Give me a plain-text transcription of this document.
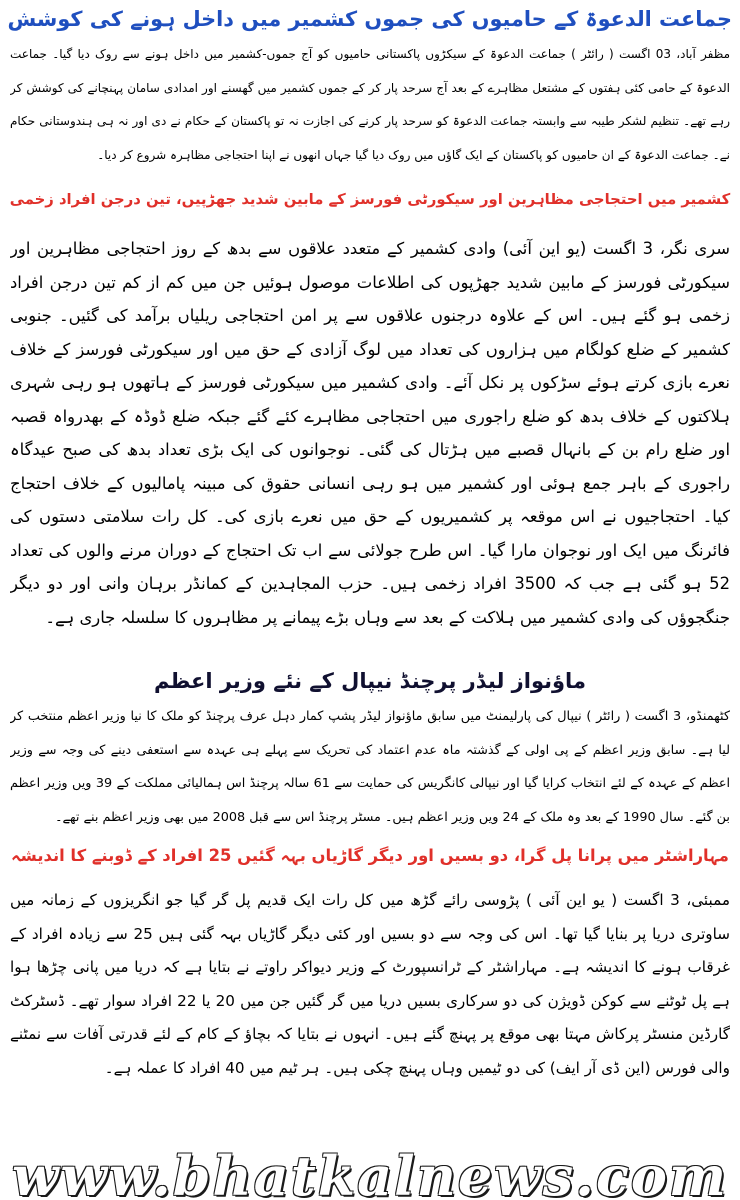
جماعت الدعوۃ کے حامیوں کی جموں کشمیر میں داخل ہونے کی کوشش
مظفر آباد، 03 اگست ( رائٹر ) جماعت الدعوۃ کے سیکڑوں پاکستانی حامیوں کو آج جموں-کشمیر میں داخل ہونے سے روک دیا گیا۔ جماعت الدعوۃ کے حامی کئی ہفتوں کے مشتعل مظاہرے کے بعد آج سرحد پار کر کے جموں کشمیر میں گھسنے اور امدادی سامان پہنچانے کی کوشش کر رہے تھے۔ تنظیم لشکر طیبہ سے وابستہ جماعت الدعوۃ کو سرحد پار کرنے کی اجازت نہ تو پاکستان کے حکام نے دی اور نہ ہی ہندوستانی حکام نے۔ جماعت الدعوۃ کے ان حامیوں کو پاکستان کے ایک گاؤں میں روک دیا گیا جہاں انھوں نے اپنا احتجاجی مظاہرہ شروع کر دیا۔
کشمیر میں احتجاجی مظاہرین اور سیکورٹی فورسز کے مابین شدید جھڑپیں، تین درجن افراد زخمی
سری نگر، 3 اگست (یو این آئی) وادی کشمیر کے متعدد علاقوں سے بدھ کے روز احتجاجی مظاہرین اور سیکورٹی فورسز کے مابین شدید جھڑپوں کی اطلاعات موصول ہوئیں جن میں کم از کم تین درجن افراد زخمی ہو گئے ہیں۔ اس کے علاوہ درجنوں علاقوں سے پر امن احتجاجی ریلیاں برآمد کی گئیں۔ جنوبی کشمیر کے ضلع کولگام میں ہزاروں کی تعداد میں لوگ آزادی کے حق میں اور سیکورٹی فورسز کے خلاف نعرے بازی کرتے ہوئے سڑکوں پر نکل آئے۔ وادی کشمیر میں سیکورٹی فورسز کے ہاتھوں ہو رہی شہری ہلاکتوں کے خلاف بدھ کو ضلع راجوری میں احتجاجی مظاہرے کئے گئے جبکہ ضلع ڈوڈہ کے بھدرواہ قصبہ اور ضلع رام بن کے بانہال قصبے میں ہڑتال کی گئی۔ نوجوانوں کی ایک بڑی تعداد بدھ کی صبح عیدگاہ راجوری کے باہر جمع ہوئی اور کشمیر میں ہو رہی انسانی حقوق کی مبینہ پامالیوں کے خلاف احتجاج کیا۔ احتجاجیوں نے اس موقعہ پر کشمیریوں کے حق میں نعرے بازی کی۔ کل رات سلامتی دستوں کی فائرنگ میں ایک اور نوجوان مارا گیا۔ اس طرح جولائی سے اب تک احتجاج کے دوران مرنے والوں کی تعداد 52 ہو گئی ہے جب کہ 3500 افراد زخمی ہیں۔ حزب المجاہدین کے کمانڈر برہان وانی اور دو دیگر جنگجوؤں کی وادی کشمیر میں ہلاکت کے بعد سے وہاں بڑے پیمانے پر مظاہروں کا سلسلہ جاری ہے۔
ماؤنواز لیڈر پرچنڈ نیپال کے نئے وزیر اعظم
کٹھمنڈو، 3 اگست ( رائٹر ) نیپال کی پارلیمنٹ میں سابق ماؤنواز لیڈر پشپ کمار دہل عرف پرچنڈ کو ملک کا نیا وزیر اعظم منتخب کر لیا ہے۔ سابق وزیر اعظم کے پی اولی کے گذشتہ ماہ عدم اعتماد کی تحریک سے پہلے ہی عہدہ سے استعفی دینے کی وجہ سے وزیر اعظم کے عہدہ کے لئے انتخاب کرایا گیا اور نیپالی کانگریس کی حمایت سے 61 سالہ پرچنڈ اس ہمالیائی مملکت کے 39 ویں وزیر اعظم بن گئے۔ سال 1990 کے بعد وہ ملک کے 24 ویں وزیر اعظم ہیں۔ مسٹر پرچنڈ اس سے قبل 2008 میں بھی وزیر اعظم بنے تھے۔
مہاراشٹر میں پرانا پل گرا، دو بسیں اور دیگر گاڑیاں بہہ گئیں 25 افراد کے ڈوبنے کا اندیشہ
ممبئی، 3 اگست ( یو این آئی ) پڑوسی رائے گڑھ میں کل رات ایک قدیم پل گر گیا جو انگریزوں کے زمانہ میں ساوتری دریا پر بنایا گیا تھا۔ اس کی وجہ سے دو بسیں اور کئی دیگر گاڑیاں بہہ گئی ہیں 25 سے زیادہ افراد کے غرقاب ہونے کا اندیشہ ہے۔ مہاراشٹر کے ٹرانسپورٹ کے وزیر دیواکر راوتے نے بتایا ہے کہ دریا میں پانی چڑھا ہوا ہے پل ٹوٹنے سے کوکن ڈویژن کی دو سرکاری بسیں دریا میں گر گئیں جن میں 20 یا 22 افراد سوار تھے۔ ڈسٹرکٹ گارڈین منسٹر پرکاش مہتا بھی موقع پر پہنچ گئے ہیں۔ انہوں نے بتایا کہ بچاؤ کے کام کے لئے قدرتی آفات سے نمٹنے والی فورس (این ڈی آر ایف) کی دو ٹیمیں وہاں پہنچ چکی ہیں۔ ہر ٹیم میں 40 افراد کا عملہ ہے۔
www.bhatkalnews.com
